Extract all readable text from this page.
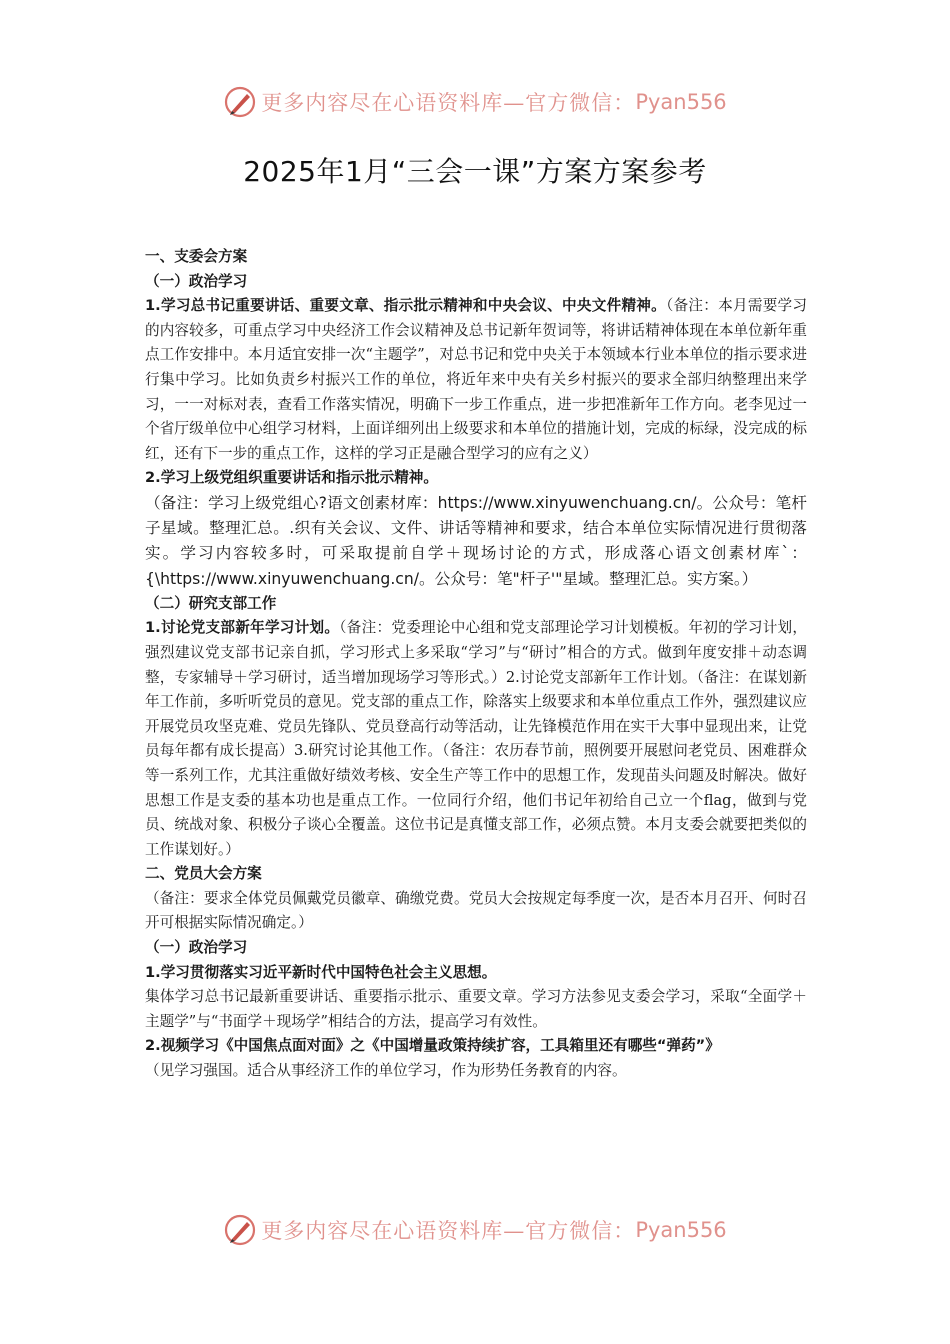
更多内容尽在心语资料库—官方微信： Pyan556
2025年1月“三会一课”方案方案参考

一、支委会方案

（一）政治学习

1.学习总书记重要讲话、重要文章、指示批示精神和中央会议、中央文件精神。（备注：本月需要学习的内容较多，可重点学习中央经济工作会议精神及总书记新年贺词等，将讲话精神体现在本单位新年重点工作安排中。本月适宜安排一次“主题学”，对总书记和党中央关于本领域本行业本单位的指示要求进行集中学习。比如负责乡村振兴工作的单位，将近年来中央有关乡村振兴的要求全部归纳整理出来学习，一一对标对表，查看工作落实情况，明确下一步工作重点，进一步把准新年工作方向。老李见过一个省厅级单位中心组学习材料，上面详细列出上级要求和本单位的措施计划，完成的标绿，没完成的标红，还有下一步的重点工作，这样的学习正是融合型学习的应有之义）

2.学习上级党组织重要讲话和指示批示精神。

（备注：学习上级党组心?语文创素材库：https://www.xinyuwenchuang.cn/。公众号：笔杆子星域。整理汇总。.织有关会议、文件、讲话等精神和要求，结合本单位实际情况进行贯彻落实。学习内容较多时，可采取提前自学＋现场讨论的方式，形成落心语文创素材库`：{\https://www.xinyuwenchuang.cn/。公众号：笔"杆子'"星域。整理汇总。实方案。）

（二）研究支部工作

1.讨论党支部新年学习计划。（备注：党委理论中心组和党支部理论学习计划模板。年初的学习计划，强烈建议党支部书记亲自抓，学习形式上多采取“学习”与“研讨”相合的方式。做到年度安排＋动态调整，专家辅导＋学习研讨，适当增加现场学习等形式。）2.讨论党支部新年工作计划。（备注：在谋划新年工作前，多听听党员的意见。党支部的重点工作，除落实上级要求和本单位重点工作外，强烈建议应开展党员攻坚克难、党员先锋队、党员登高行动等活动，让先锋模范作用在实干大事中显现出来，让党员每年都有成长提高）3.研究讨论其他工作。（备注：农历春节前，照例要开展慰问老党员、困难群众等一系列工作，尤其注重做好绩效考核、安全生产等工作中的思想工作，发现苗头问题及时解决。做好思想工作是支委的基本功也是重点工作。一位同行介绍，他们书记年初给自己立一个flag，做到与党员、统战对象、积极分子谈心全覆盖。这位书记是真懂支部工作，必须点赞。本月支委会就要把类似的工作谋划好。）

二、党员大会方案

（备注：要求全体党员佩戴党员徽章、确缴党费。党员大会按规定每季度一次，是否本月召开、何时召开可根据实际情况确定。）

（一）政治学习

1.学习贯彻落实习近平新时代中国特色社会主义思想。

集体学习总书记最新重要讲话、重要指示批示、重要文章。学习方法参见支委会学习，采取“全面学＋主题学”与“书面学＋现场学”相结合的方法，提高学习有效性。

2.视频学习《中国焦点面对面》之《中国增量政策持续扩容，工具箱里还有哪些“弹药”》

（见学习强国。适合从事经济工作的单位学习，作为形势任务教育的内容。

更多内容尽在心语资料库—官方微信： Pyan556
